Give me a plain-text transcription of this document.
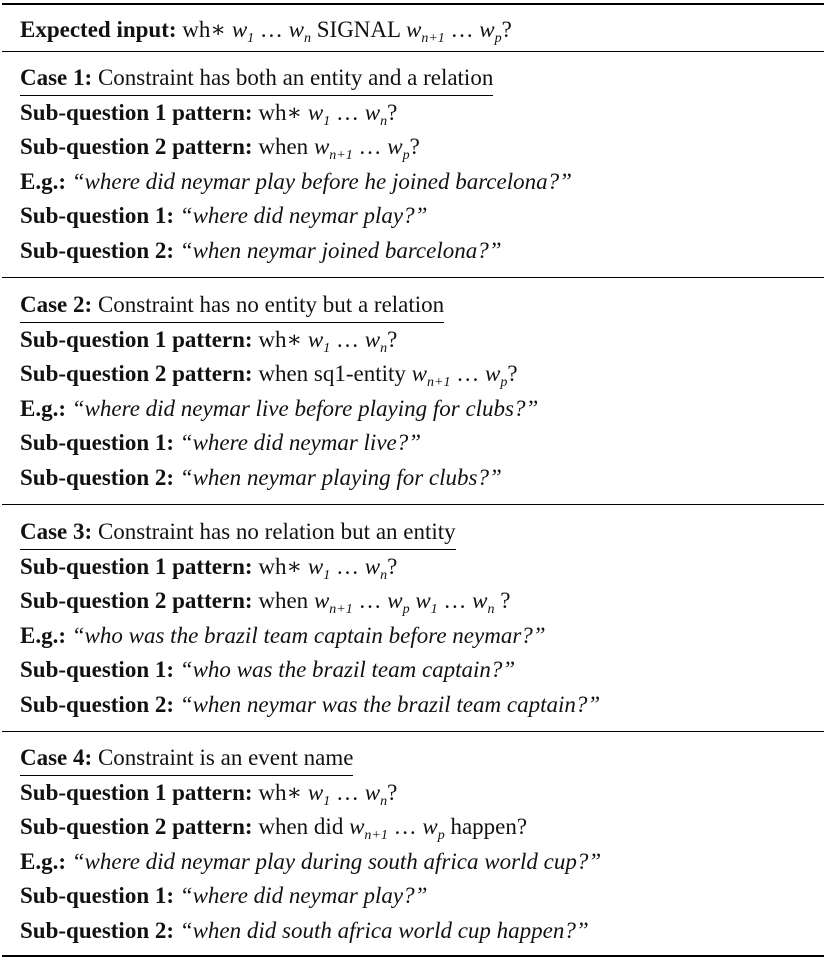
Expected input: wh∗ $w_1$ … $w_n$ SIGNAL $w_{n+1}$ … $w_p$?
Case 1: Constraint has both an entity and a relation
Sub-question 1 pattern: wh∗ $w_1$ … $w_n$?
Sub-question 2 pattern: when $w_{n+1}$ … $w_p$?
E.g.: “where did neymar play before he joined barcelona?”
Sub-question 1: “where did neymar play?”
Sub-question 2: “when neymar joined barcelona?”
Case 2: Constraint has no entity but a relation
Sub-question 1 pattern: wh∗ $w_1$ … $w_n$?
Sub-question 2 pattern: when sq1-entity $w_{n+1}$ … $w_p$?
E.g.: “where did neymar live before playing for clubs?”
Sub-question 1: “where did neymar live?”
Sub-question 2: “when neymar playing for clubs?”
Case 3: Constraint has no relation but an entity
Sub-question 1 pattern: wh∗ $w_1$ … $w_n$?
Sub-question 2 pattern: when $w_{n+1}$ … $w_p$ $w_1$ … $w_n$ ?
E.g.: “who was the brazil team captain before neymar?”
Sub-question 1: “who was the brazil team captain?”
Sub-question 2: “when neymar was the brazil team captain?”
Case 4: Constraint is an event name
Sub-question 1 pattern: wh∗ $w_1$ … $w_n$?
Sub-question 2 pattern: when did $w_{n+1}$ … $w_p$ happen?
E.g.: “where did neymar play during south africa world cup?”
Sub-question 1: “where did neymar play?”
Sub-question 2: “when did south africa world cup happen?”
